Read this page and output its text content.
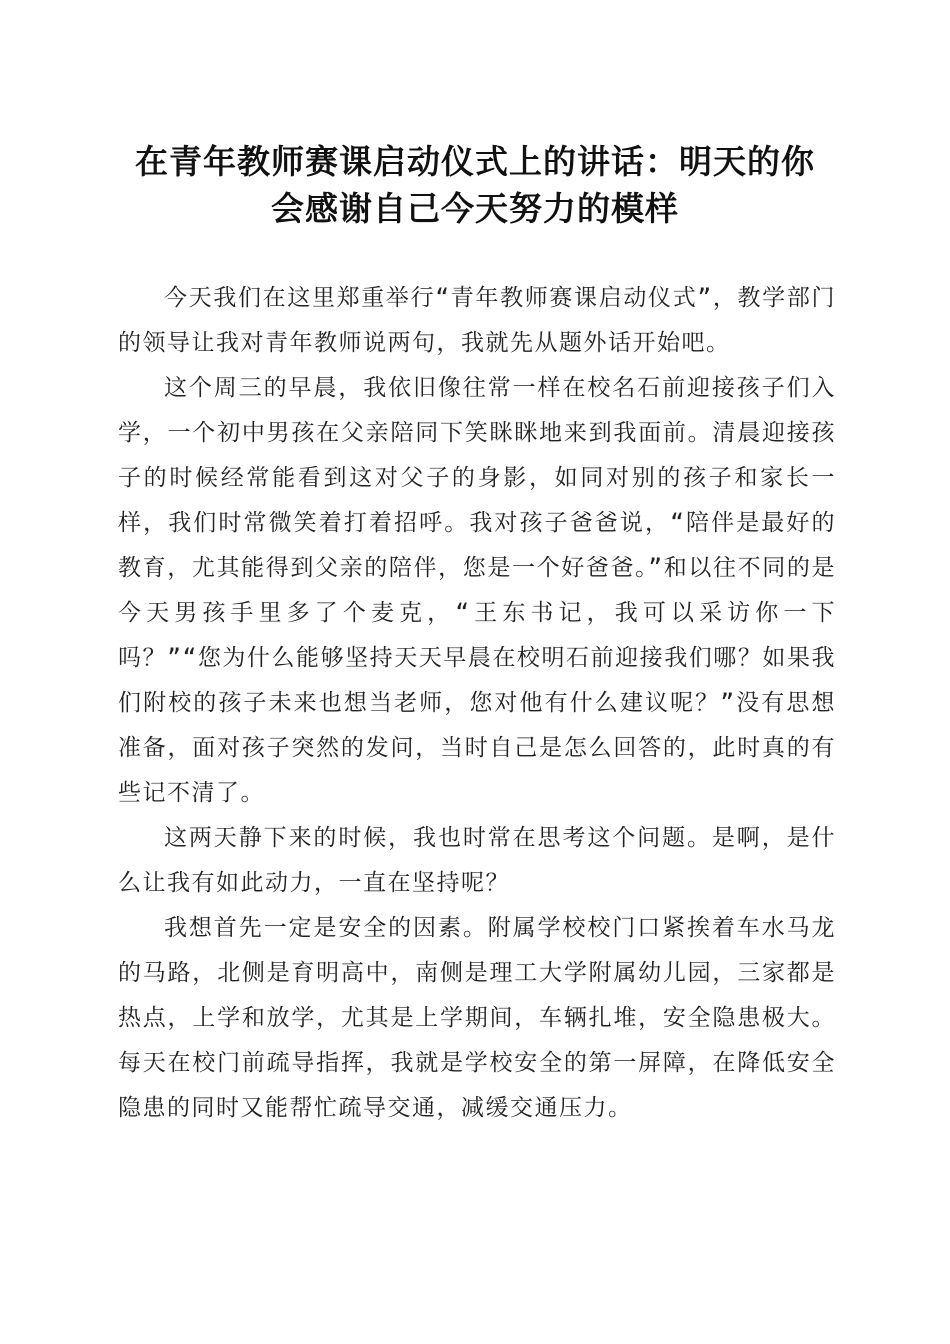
在青年教师赛课启动仪式上的讲话：明天的你
会感谢自己今天努力的模样

今天我们在这里郑重举行“青年教师赛课启动仪式”，教学部门的领导让我对青年教师说两句，我就先从题外话开始吧。

这个周三的早晨，我依旧像往常一样在校名石前迎接孩子们入学，一个初中男孩在父亲陪同下笑眯眯地来到我面前。清晨迎接孩子的时候经常能看到这对父子的身影，如同对别的孩子和家长一样，我们时常微笑着打着招呼。我对孩子爸爸说，“陪伴是最好的教育，尤其能得到父亲的陪伴，您是一个好爸爸。”和以往不同的是今天男孩手里多了个麦克，“王东书记，我可以采访你一下吗？”“您为什么能够坚持天天早晨在校明石前迎接我们哪？如果我们附校的孩子未来也想当老师，您对他有什么建议呢？”没有思想准备，面对孩子突然的发问，当时自己是怎么回答的，此时真的有些记不清了。

这两天静下来的时候，我也时常在思考这个问题。是啊，是什么让我有如此动力，一直在坚持呢？

我想首先一定是安全的因素。附属学校校门口紧挨着车水马龙的马路，北侧是育明高中，南侧是理工大学附属幼儿园，三家都是热点，上学和放学，尤其是上学期间，车辆扎堆，安全隐患极大。每天在校门前疏导指挥，我就是学校安全的第一屏障，在降低安全隐患的同时又能帮忙疏导交通，减缓交通压力。
